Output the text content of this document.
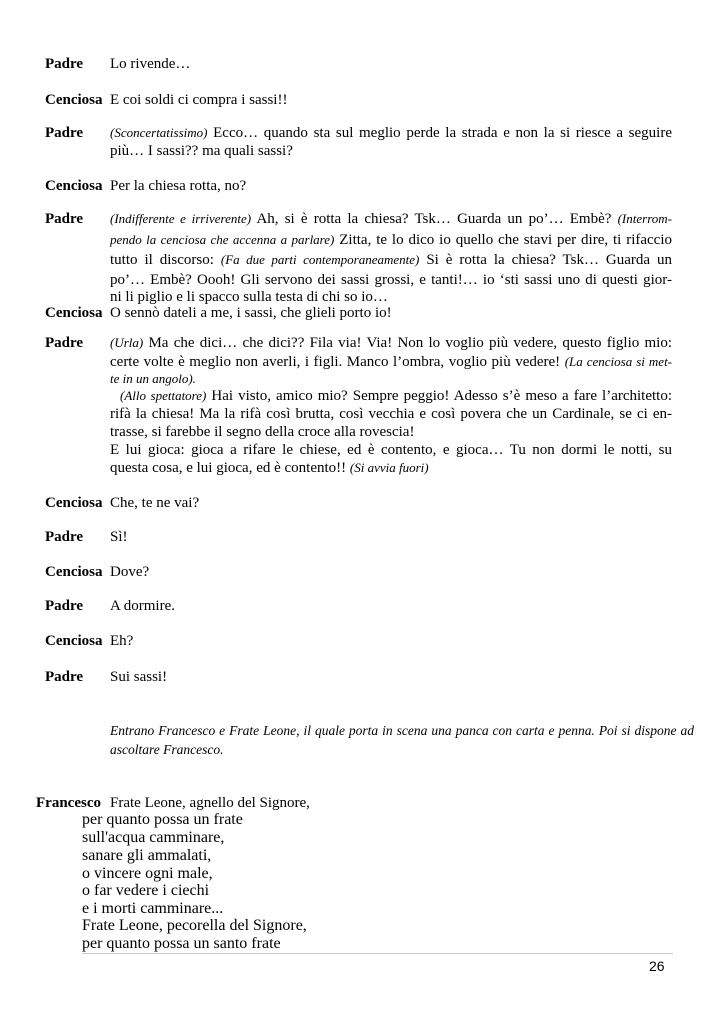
Padre Lo rivende…
Cenciosa E coi soldi ci compra i sassi!!
Padre (Sconcertatissimo) Ecco… quando sta sul meglio perde la strada e non la si riesce a seguire
più… I sassi?? ma quali sassi?
Cenciosa Per la chiesa rotta, no?
Padre (Indifferente e irriverente) Ah, si è rotta la chiesa? Tsk… Guarda un po’… Embè? (Interrom-
pendo la cenciosa che accenna a parlare) Zitta, te lo dico io quello che stavi per dire, ti rifaccio
tutto il discorso: (Fa due parti contemporaneamente) Si è rotta la chiesa? Tsk… Guarda un
po’… Embè? Oooh! Gli servono dei sassi grossi, e tanti!… io ‘sti sassi uno di questi gior-
ni li piglio e li spacco sulla testa di chi so io…
Cenciosa O sennò dateli a me, i sassi, che glieli porto io!
Padre (Urla) Ma che dici… che dici?? Fila via! Via! Non lo voglio più vedere, questo figlio mio:
certe volte è meglio non averli, i figli. Manco l’ombra, voglio più vedere! (La cenciosa si met-
te in un angolo).
(Allo spettatore) Hai visto, amico mio? Sempre peggio! Adesso s’è meso a fare l’architetto:
rifà la chiesa! Ma la rifà così brutta, così vecchia e così povera che un Cardinale, se ci en-
trasse, si farebbe il segno della croce alla rovescia!
E lui gioca: gioca a rifare le chiese, ed è contento, e gioca… Tu non dormi le notti, su
questa cosa, e lui gioca, ed è contento!! (Si avvia fuori)
Cenciosa Che, te ne vai?
Padre Sì!
Cenciosa Dove?
Padre A dormire.
Cenciosa Eh?
Padre Sui sassi!
Entrano Francesco e Frate Leone, il quale porta in scena una panca con carta e penna. Poi si dispone ad
ascoltare Francesco.
Francesco Frate Leone, agnello del Signore,
per quanto possa un frate
sull'acqua camminare,
sanare gli ammalati,
o vincere ogni male,
o far vedere i ciechi
e i morti camminare...
Frate Leone, pecorella del Signore,
per quanto possa un santo frate
26
